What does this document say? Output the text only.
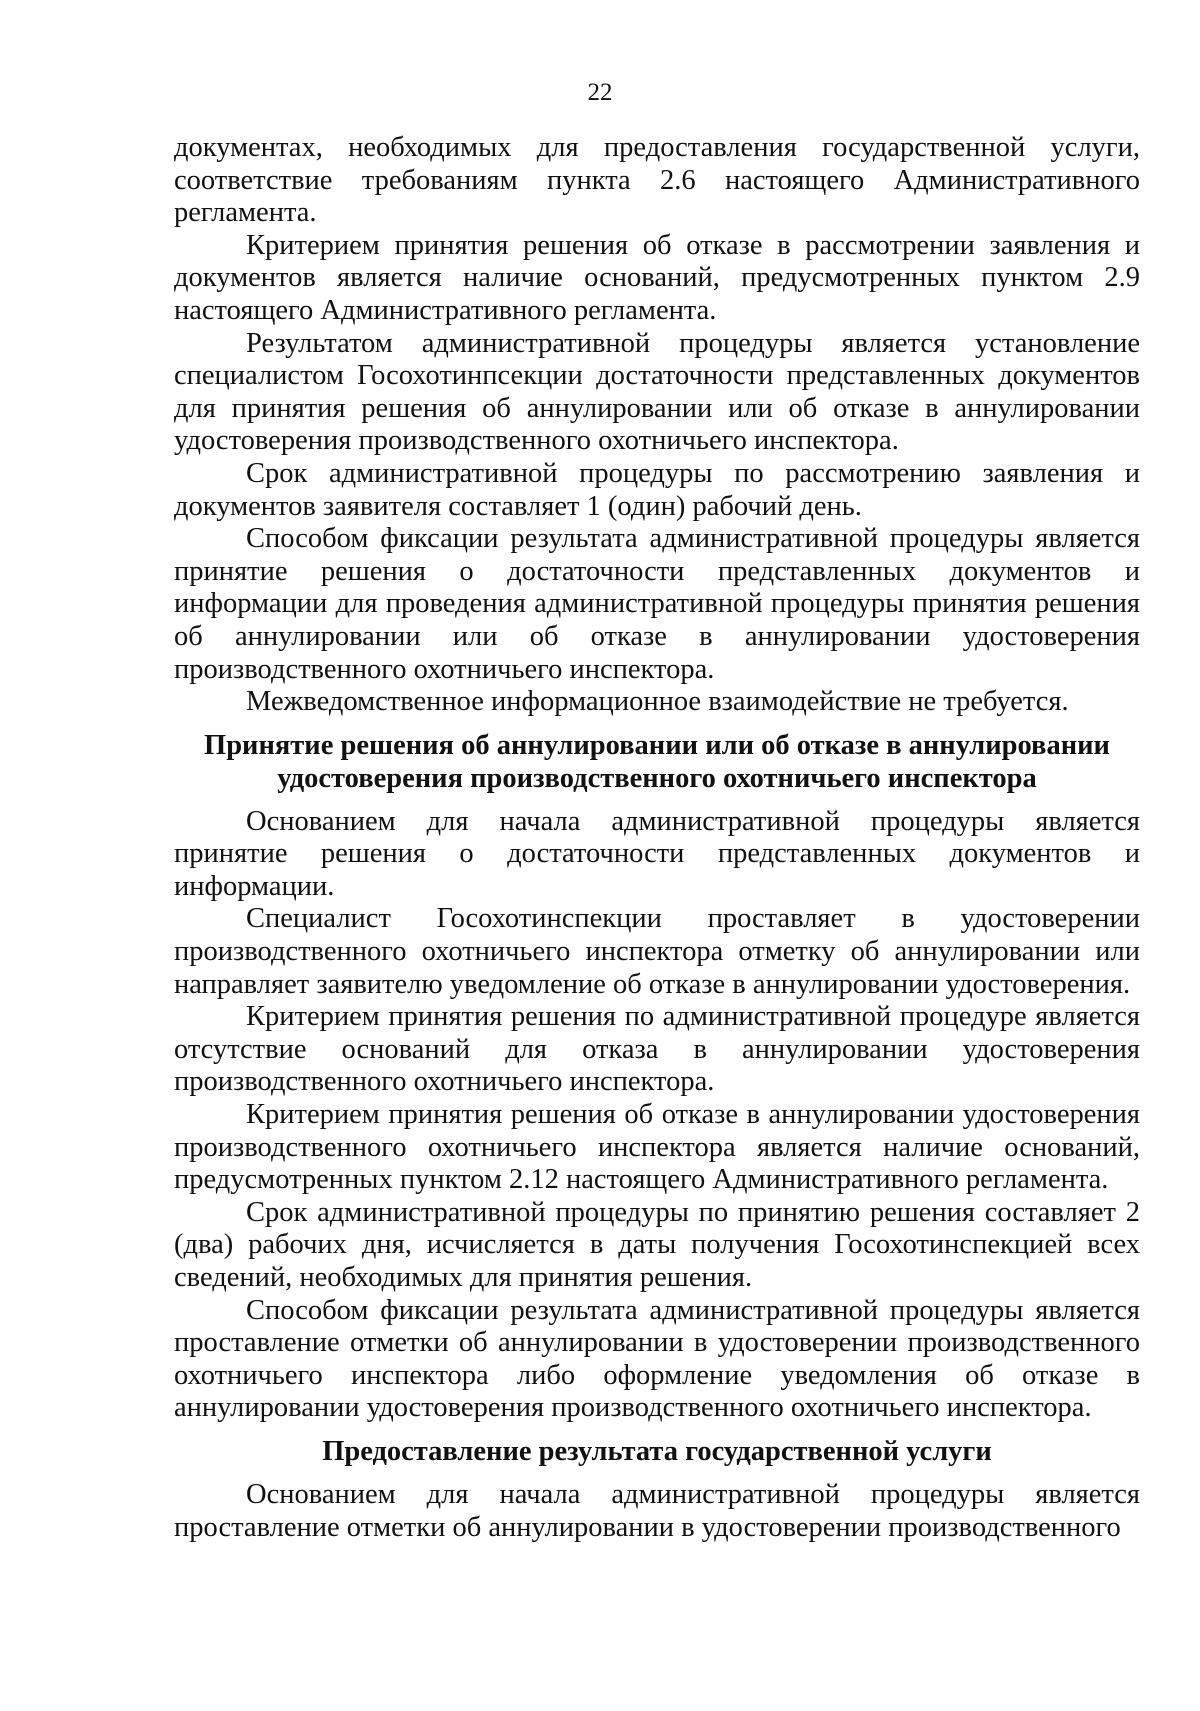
22

документах, необходимых для предоставления государственной услуги, соответствие требованиям пункта 2.6 настоящего Административного регламента.

Критерием принятия решения об отказе в рассмотрении заявления и документов является наличие оснований, предусмотренных пунктом 2.9 настоящего Административного регламента.

Результатом административной процедуры является установление специалистом Госохотинпсекции достаточности представленных документов для принятия решения об аннулировании или об отказе в аннулировании удостоверения производственного охотничьего инспектора.

Срок административной процедуры по рассмотрению заявления и документов заявителя составляет 1 (один) рабочий день.

Способом фиксации результата административной процедуры является принятие решения о достаточности представленных документов и информации для проведения административной процедуры принятия решения об аннулировании или об отказе в аннулировании удостоверения производственного охотничьего инспектора.

Межведомственное информационное взаимодействие не требуется.

Принятие решения об аннулировании или об отказе в аннулировании удостоверения производственного охотничьего инспектора

Основанием для начала административной процедуры является принятие решения о достаточности представленных документов и информации.

Специалист Госохотинспекции проставляет в удостоверении производственного охотничьего инспектора отметку об аннулировании или направляет заявителю уведомление об отказе в аннулировании удостоверения.

Критерием принятия решения по административной процедуре является отсутствие оснований для отказа в аннулировании удостоверения производственного охотничьего инспектора.

Критерием принятия решения об отказе в аннулировании удостоверения производственного охотничьего инспектора является наличие оснований, предусмотренных пунктом 2.12 настоящего Административного регламента.

Срок административной процедуры по принятию решения составляет 2 (два) рабочих дня, исчисляется в даты получения Госохотинспекцией всех сведений, необходимых для принятия решения.

Способом фиксации результата административной процедуры является проставление отметки об аннулировании в удостоверении производственного охотничьего инспектора либо оформление уведомления об отказе в аннулировании удостоверения производственного охотничьего инспектора.

Предоставление результата государственной услуги

Основанием для начала административной процедуры является проставление отметки об аннулировании в удостоверении производственного
